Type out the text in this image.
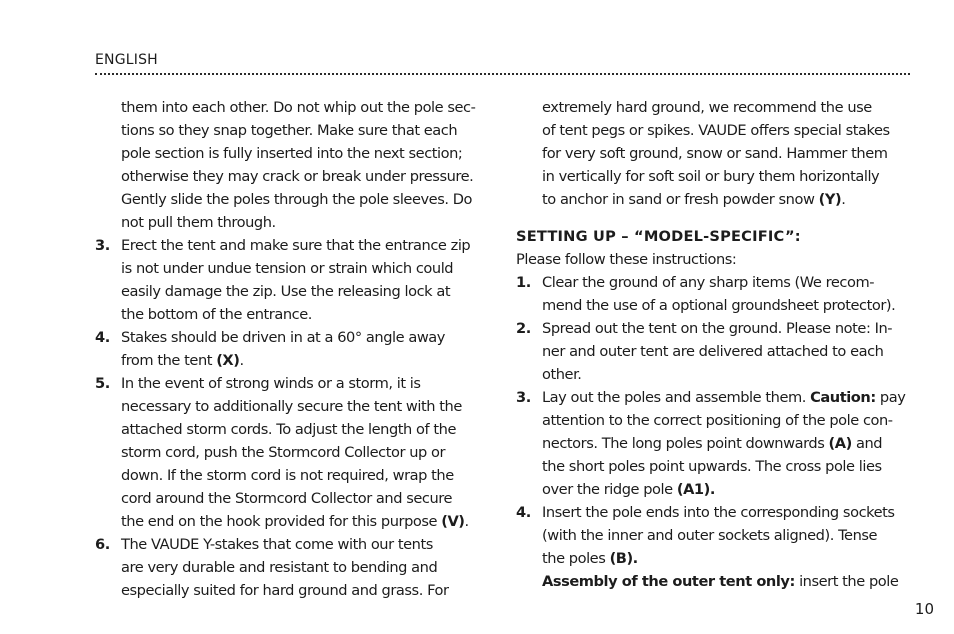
ENGLISH
them into each other. Do not whip out the pole sec-
tions so they snap together. Make sure that each
pole section is fully inserted into the next section;
otherwise they may crack or break under pressure.
Gently slide the poles through the pole sleeves. Do
not pull them through.
3. Erect the tent and make sure that the entrance zip
is not under undue tension or strain which could
easily damage the zip. Use the releasing lock at
the bottom of the entrance.
4. Stakes should be driven in at a 60° angle away
from the tent (X).
5. In the event of strong winds or a storm, it is
necessary to additionally secure the tent with the
attached storm cords. To adjust the length of the
storm cord, push the Stormcord Collector up or
down. If the storm cord is not required, wrap the
cord around the Stormcord Collector and secure
the end on the hook provided for this purpose (V).
6. The VAUDE Y-stakes that come with our tents
are very durable and resistant to bending and
especially suited for hard ground and grass. For
extremely hard ground, we recommend the use
of tent pegs or spikes. VAUDE offers special stakes
for very soft ground, snow or sand. Hammer them
in vertically for soft soil or bury them horizontally
to anchor in sand or fresh powder snow (Y).
SETTING UP – “MODEL-SPECIFIC”:
Please follow these instructions:
1. Clear the ground of any sharp items (We recom-
mend the use of a optional groundsheet protector).
2. Spread out the tent on the ground. Please note: In-
ner and outer tent are delivered attached to each
other.
3. Lay out the poles and assemble them. Caution: pay
attention to the correct positioning of the pole con-
nectors. The long poles point downwards (A) and
the short poles point upwards. The cross pole lies
over the ridge pole (A1).
4. Insert the pole ends into the corresponding sockets
(with the inner and outer sockets aligned). Tense
the poles (B).
Assembly of the outer tent only: insert the pole
10
